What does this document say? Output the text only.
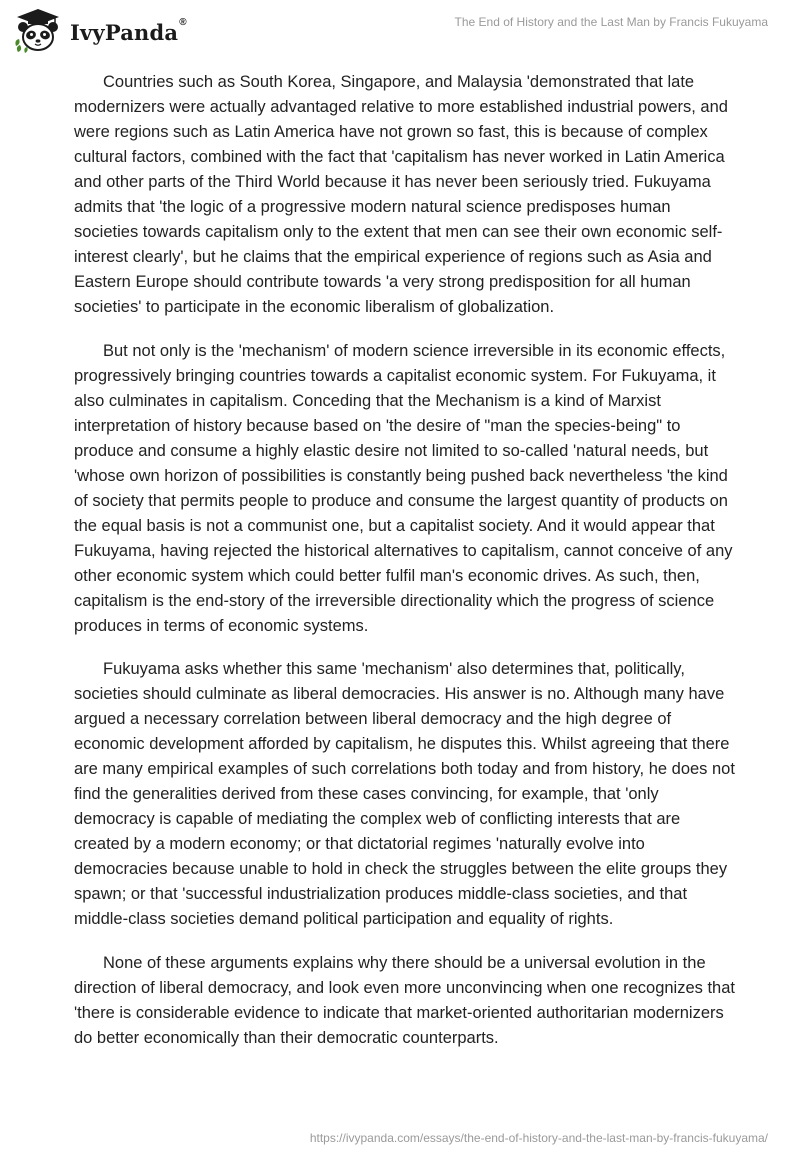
IvyPanda®	The End of History and the Last Man by Francis Fukuyama

Countries such as South Korea, Singapore, and Malaysia 'demonstrated that late modernizers were actually advantaged relative to more established industrial powers, and were regions such as Latin America have not grown so fast, this is because of complex cultural factors, combined with the fact that 'capitalism has never worked in Latin America and other parts of the Third World because it has never been seriously tried. Fukuyama admits that 'the logic of a progressive modern natural science predisposes human societies towards capitalism only to the extent that men can see their own economic self-interest clearly', but he claims that the empirical experience of regions such as Asia and Eastern Europe should contribute towards 'a very strong predisposition for all human societies' to participate in the economic liberalism of globalization.

But not only is the 'mechanism' of modern science irreversible in its economic effects, progressively bringing countries towards a capitalist economic system. For Fukuyama, it also culminates in capitalism. Conceding that the Mechanism is a kind of Marxist interpretation of history because based on 'the desire of "man the species-being" to produce and consume a highly elastic desire not limited to so-called 'natural needs, but 'whose own horizon of possibilities is constantly being pushed back nevertheless 'the kind of society that permits people to produce and consume the largest quantity of products on the equal basis is not a communist one, but a capitalist society. And it would appear that Fukuyama, having rejected the historical alternatives to capitalism, cannot conceive of any other economic system which could better fulfil man's economic drives. As such, then, capitalism is the end-story of the irreversible directionality which the progress of science produces in terms of economic systems.

Fukuyama asks whether this same 'mechanism' also determines that, politically, societies should culminate as liberal democracies. His answer is no. Although many have argued a necessary correlation between liberal democracy and the high degree of economic development afforded by capitalism, he disputes this. Whilst agreeing that there are many empirical examples of such correlations both today and from history, he does not find the generalities derived from these cases convincing, for example, that 'only democracy is capable of mediating the complex web of conflicting interests that are created by a modern economy; or that dictatorial regimes 'naturally evolve into democracies because unable to hold in check the struggles between the elite groups they spawn; or that 'successful industrialization produces middle-class societies, and that middle-class societies demand political participation and equality of rights.

None of these arguments explains why there should be a universal evolution in the direction of liberal democracy, and look even more unconvincing when one recognizes that 'there is considerable evidence to indicate that market-oriented authoritarian modernizers do better economically than their democratic counterparts.

https://ivypanda.com/essays/the-end-of-history-and-the-last-man-by-francis-fukuyama/
